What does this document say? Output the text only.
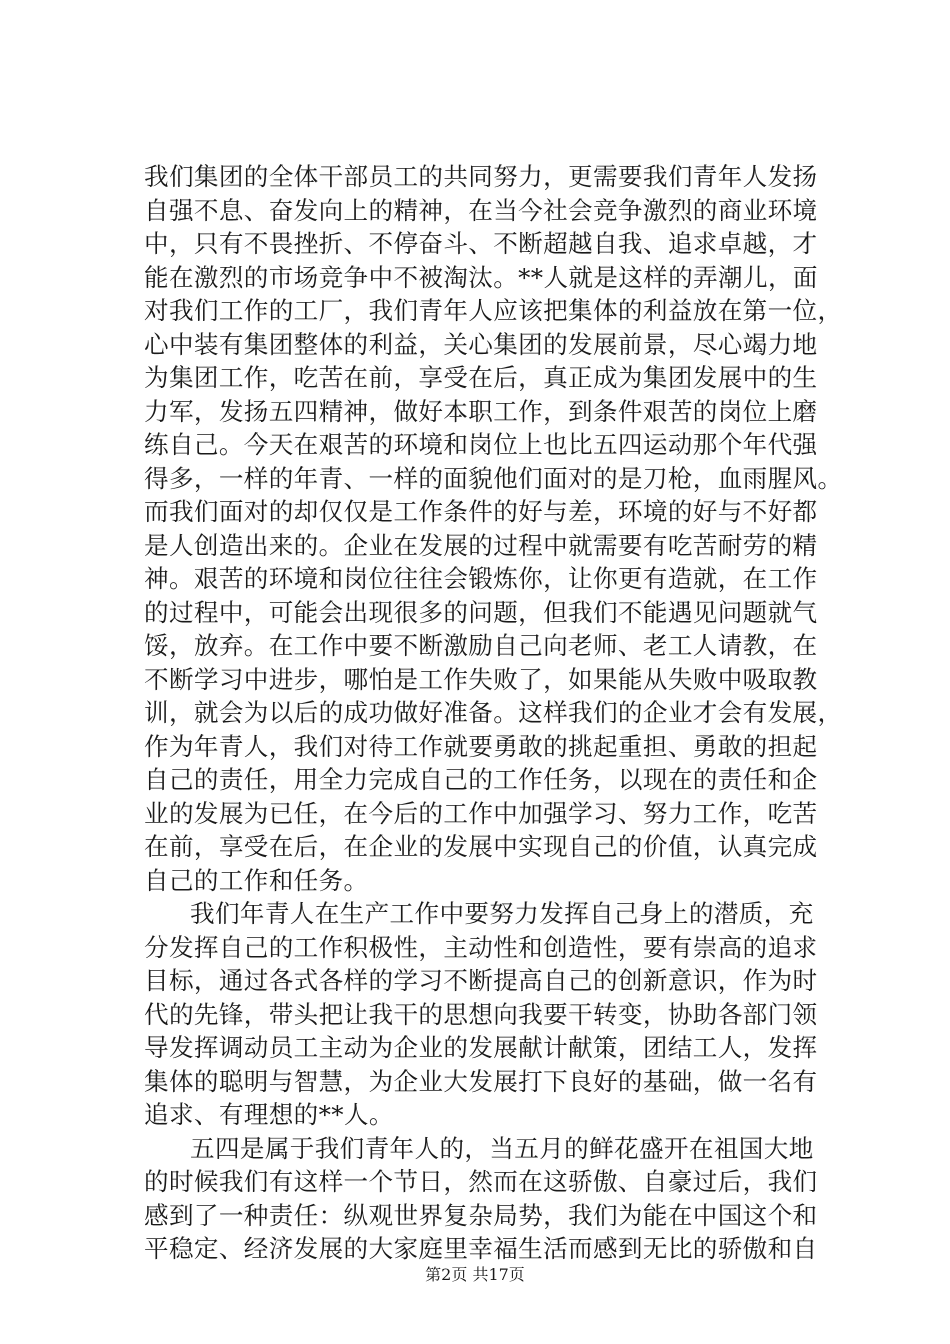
我们集团的全体干部员工的共同努力，更需要我们青年人发扬
自强不息、奋发向上的精神，在当今社会竞争激烈的商业环境
中，只有不畏挫折、不停奋斗、不断超越自我、追求卓越，才
能在激烈的市场竞争中不被淘汰。**人就是这样的弄潮儿，面
对我们工作的工厂，我们青年人应该把集体的利益放在第一位，
心中装有集团整体的利益，关心集团的发展前景，尽心竭力地
为集团工作，吃苦在前，享受在后，真正成为集团发展中的生
力军，发扬五四精神，做好本职工作，到条件艰苦的岗位上磨
练自己。今天在艰苦的环境和岗位上也比五四运动那个年代强
得多，一样的年青、一样的面貌他们面对的是刀枪，血雨腥风。
而我们面对的却仅仅是工作条件的好与差，环境的好与不好都
是人创造出来的。企业在发展的过程中就需要有吃苦耐劳的精
神。艰苦的环境和岗位往往会锻炼你，让你更有造就，在工作
的过程中，可能会出现很多的问题，但我们不能遇见问题就气
馁，放弃。在工作中要不断激励自己向老师、老工人请教，在
不断学习中进步，哪怕是工作失败了，如果能从失败中吸取教
训，就会为以后的成功做好准备。这样我们的企业才会有发展，
作为年青人，我们对待工作就要勇敢的挑起重担、勇敢的担起
自己的责任，用全力完成自己的工作任务，以现在的责任和企
业的发展为已任，在今后的工作中加强学习、努力工作，吃苦
在前，享受在后，在企业的发展中实现自己的价值，认真完成
自己的工作和任务。
我们年青人在生产工作中要努力发挥自己身上的潜质，充
分发挥自己的工作积极性，主动性和创造性，要有崇高的追求
目标，通过各式各样的学习不断提高自己的创新意识，作为时
代的先锋，带头把让我干的思想向我要干转变，协助各部门领
导发挥调动员工主动为企业的发展献计献策，团结工人，发挥
集体的聪明与智慧，为企业大发展打下良好的基础，做一名有
追求、有理想的**人。
五四是属于我们青年人的，当五月的鲜花盛开在祖国大地
的时候我们有这样一个节日，然而在这骄傲、自豪过后，我们
感到了一种责任：纵观世界复杂局势，我们为能在中国这个和
平稳定、经济发展的大家庭里幸福生活而感到无比的骄傲和自
第2页 共17页
